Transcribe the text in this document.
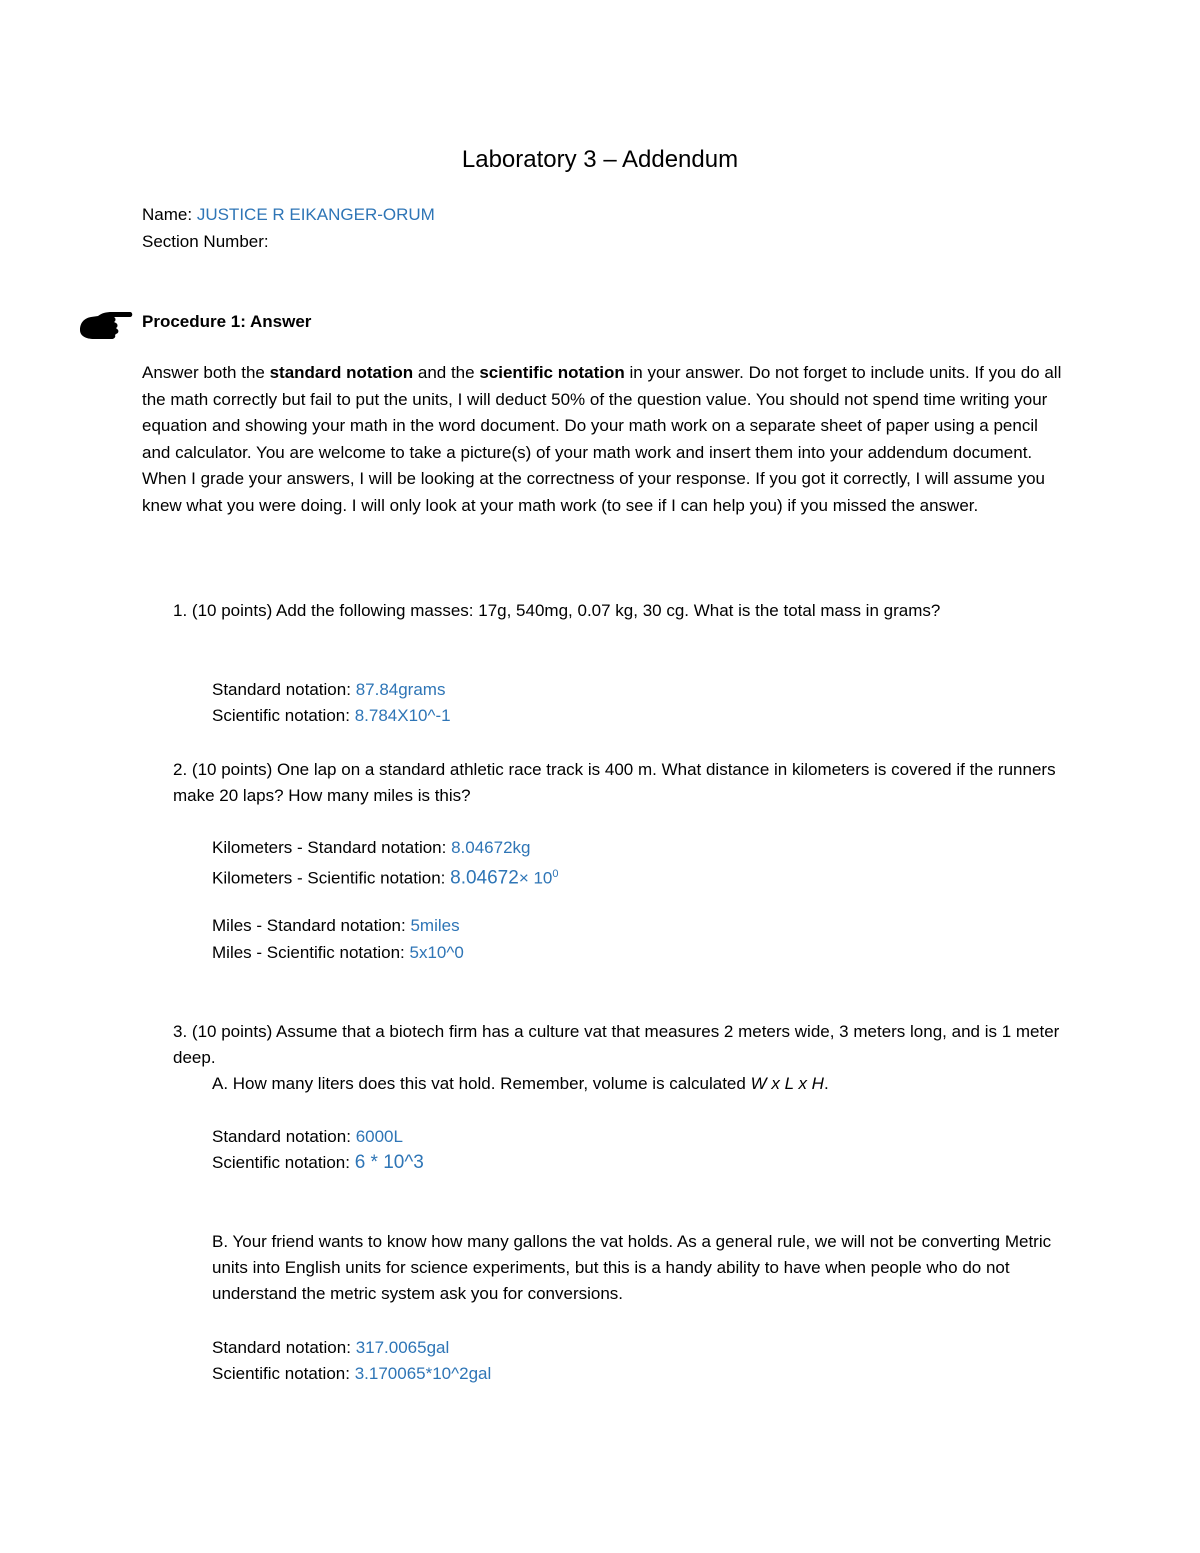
Laboratory 3 – Addendum
Name: JUSTICE R EIKANGER-ORUM
Section Number:
Procedure 1: Answer
Answer both the standard notation and the scientific notation in your answer. Do not forget to include units. If you do all the math correctly but fail to put the units, I will deduct 50% of the question value. You should not spend time writing your equation and showing your math in the word document. Do your math work on a separate sheet of paper using a pencil and calculator. You are welcome to take a picture(s) of your math work and insert them into your addendum document. When I grade your answers, I will be looking at the correctness of your response. If you got it correctly, I will assume you knew what you were doing. I will only look at your math work (to see if I can help you) if you missed the answer.
1. (10 points) Add the following masses: 17g, 540mg, 0.07 kg, 30 cg. What is the total mass in grams?
Standard notation: 87.84grams
Scientific notation: 8.784X10^-1
2. (10 points) One lap on a standard athletic race track is 400 m. What distance in kilometers is covered if the runners make 20 laps? How many miles is this?
Kilometers - Standard notation: 8.04672kg
Kilometers - Scientific notation: $8.04672\times 10^0$
Miles - Standard notation: 5miles
Miles - Scientific notation: 5x10^0
3. (10 points) Assume that a biotech firm has a culture vat that measures 2 meters wide, 3 meters long, and is 1 meter deep.
A. How many liters does this vat hold. Remember, volume is calculated W x L x H.
Standard notation: 6000L
Scientific notation: 6 * 10^3
B. Your friend wants to know how many gallons the vat holds. As a general rule, we will not be converting Metric units into English units for science experiments, but this is a handy ability to have when people who do not understand the metric system ask you for conversions.
Standard notation: 317.0065gal
Scientific notation: 3.170065*10^2gal
